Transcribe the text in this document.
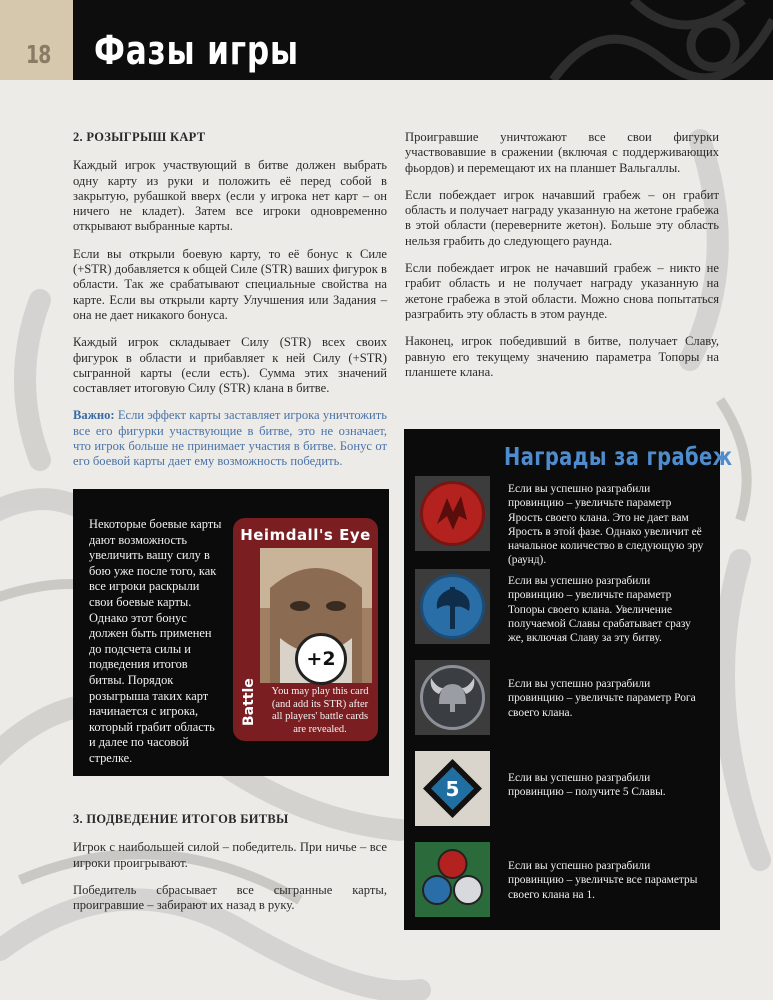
18 Фазы игры
2. РОЗЫГРЫШ КАРТ

Каждый игрок участвующий в битве должен выбрать одну карту из руки и положить её перед собой в закрытую, рубашкой вверх (если у игрока нет карт – он ничего не кладет). Затем все игроки одновременно открывают выбранные карты.

Если вы открыли боевую карту, то её бонус к Силе (+STR) добавляется к общей Силе (STR) ваших фигурок в области. Так же срабатывают специальные свойства на карте. Если вы открыли карту Улучшения или Задания – она не дает никакого бонуса.

Каждый игрок складывает Силу (STR) всех своих фигурок в области и прибавляет к ней Силу (+STR) сыгранной карты (если есть). Сумма этих значений составляет итоговую Силу (STR) клана в битве.

Важно: Если эффект карты заставляет игрока уничтожить все его фигурки участвующие в битве, это не означает, что игрок больше не принимает участия в битве. Бонус от его боевой карты дает ему возможность победить.

3. ПОДВЕДЕНИЕ ИТОГОВ БИТВЫ

Игрок с наибольшей силой – победитель. При ничье – все игроки проигрывают.

Победитель сбрасывает все сыгранные карты, проигравшие – забирают их назад в руку.

Проигравшие уничтожают все свои фигурки участвовавшие в сражении (включая с поддерживающих фьордов) и перемещают их на планшет Вальгаллы.

Если побеждает игрок начавший грабеж – он грабит область и получает награду указанную на жетоне грабежа в этой области (переверните жетон). Больше эту область нельзя грабить до следующего раунда.

Если побеждает игрок не начавший грабеж – никто не грабит область и не получает награду указанную на жетоне грабежа в этой области. Можно снова попытаться разграбить эту область в этом раунде.

Наконец, игрок победивший в битве, получает Славу, равную его текущему значению параметра Топоры на планшете клана.

Некоторые боевые карты дают возможность увеличить вашу силу в бою уже после того, как все игроки раскрыли свои боевые карты. Однако этот бонус должен быть применен до подсчета силы и подведения итогов битвы. Порядок розыгрыша таких карт начинается с игрока, который грабит область и далее по часовой стрелке.
Heimdall's Eye
Battle
+2
You may play this card (and add its STR) after all players' battle cards are revealed.
Награды за грабеж
Если вы успешно разграбили провинцию – увеличьте параметр Ярость своего клана. Это не дает вам Ярость в этой фазе. Однако увеличит её начальное количество в следующую эру (раунд).
Если вы успешно разграбили провинцию – увеличьте параметр Топоры своего клана. Увеличение получаемой Славы срабатывает сразу же, включая Славу за эту битву.
Если вы успешно разграбили провинцию – увеличьте параметр Рога своего клана.
5	Если вы успешно разграбили провинцию – получите 5 Славы.
Если вы успешно разграбили провинцию – увеличьте все параметры своего клана на 1.
